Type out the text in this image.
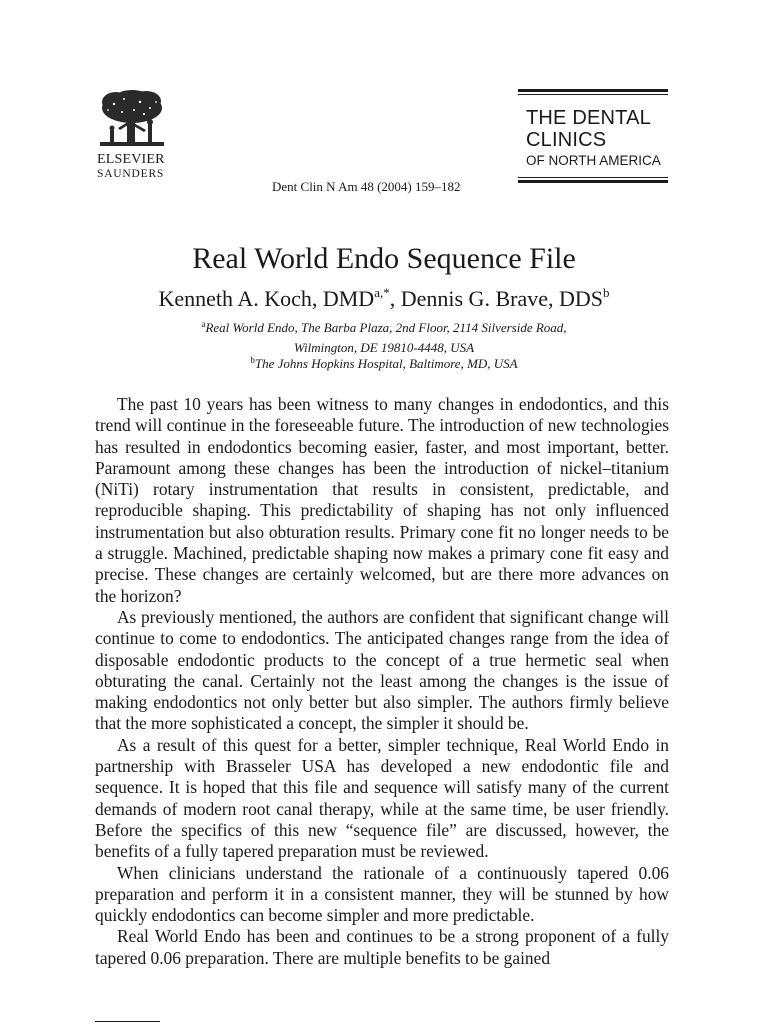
ELSEVIER
SAUNDERS
Dent Clin N Am 48 (2004) 159–182
THE DENTAL
CLINICS
OF NORTH AMERICA
Real World Endo Sequence File
Kenneth A. Koch, $DMD^{a,*}$, Dennis G. Brave, DDS$^b$
$^a$Real World Endo, The Barba Plaza, 2nd Floor, 2114 Silverside Road,
Wilmington, DE 19810-4448, USA
$^b$The Johns Hopkins Hospital, Baltimore, MD, USA

The past 10 years has been witness to many changes in endodontics, and this trend will continue in the foreseeable future. The introduction of new technologies has resulted in endodontics becoming easier, faster, and most important, better. Paramount among these changes has been the introduction of nickel–titanium (NiTi) rotary instrumentation that results in consistent, predictable, and reproducible shaping. This predictability of shaping has not only influenced instrumentation but also obturation results. Primary cone fit no longer needs to be a struggle. Machined, predictable shaping now makes a primary cone fit easy and precise. These changes are certainly welcomed, but are there more advances on the horizon?

As previously mentioned, the authors are confident that significant change will continue to come to endodontics. The anticipated changes range from the idea of disposable endodontic products to the concept of a true hermetic seal when obturating the canal. Certainly not the least among the changes is the issue of making endodontics not only better but also simpler. The authors firmly believe that the more sophisticated a concept, the simpler it should be.

As a result of this quest for a better, simpler technique, Real World Endo in partnership with Brasseler USA has developed a new endodontic file and sequence. It is hoped that this file and sequence will satisfy many of the current demands of modern root canal therapy, while at the same time, be user friendly. Before the specifics of this new “sequence file” are discussed, however, the benefits of a fully tapered preparation must be reviewed.

When clinicians understand the rationale of a continuously tapered 0.06 preparation and perform it in a consistent manner, they will be stunned by how quickly endodontics can become simpler and more predictable.

Real World Endo has been and continues to be a strong proponent of a fully tapered 0.06 preparation. There are multiple benefits to be gained
